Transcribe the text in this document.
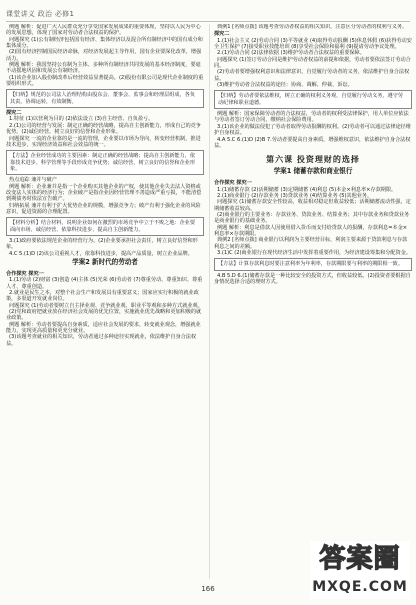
课堂讲义 政治 必修1
例题 解析：促进广大人民群众充分享受国家发展成果的重要体现，坚持以人民为中心的发展思想，体现了国家对劳动者合法权益的保护。
问题探究 (1)公有制经济包括国有经济、集体经济以及混合所有制经济中的国有成分和集体成分。
(2)国有经济控制国民经济命脉，对经济发展起主导作用，国有企业要深化改革，增强活力。
例题 解析：我国坚持公有制为主体、多种所有制经济共同发展的基本经济制度，要毫不动摇地巩固和发展公有制经济。
(1)该企业加入股份制改革后经营效益显著提高。(2)股份有限公司是现代企业制度的重要组织形式。
【归纳】规范的公司法人治理结构由股东会、董事会、监事会和经理层组成，各负其责，协调运转，有效制衡。
探究二
1.特征 (1)以营利为目的 (2)依法设立 (3)自主经营、自负盈亏。
2.(1)公司的经营与发展：制定正确的经营战略，提高自主创新能力，形成自己的竞争优势。(2)诚信经营，树立良好的信誉和企业形象。
问题探究 一流的企业靠的是一流的管理，企业要以市场为导向，转变经营机制，推进技术进步，实现经济效益和社会效益的统一。
【方法】企业经营成功的主要因素：制定正确的经营战略；提高自主创新能力，依靠技术进步、科学管理等手段形成竞争优势；诚信经营，树立良好的信誉和企业形象。
热点追踪 兼并与破产
例题 解析：企业兼并是指一个企业购买其他企业的产权，使其他企业失去法人资格或改变法人实体的经济行为；企业破产是指企业因经营管理不善造成严重亏损，不能清偿到期债务时依法宣告破产。
归纳拓展 兼并有利于扩大优势企业的规模，增强竞争力；破产有利于强化企业的风险意识，促进资源的合理配置。
【材料分析】结合材料，说明企业如何在激烈的市场竞争中立于不败之地：企业要面向市场、诚信经营、依靠科技进步、提高自主创新能力。
3.(1)政府要依法规范企业的经营行为。(2)企业要承担社会责任，树立良好信誉和形象。
4.C 5.(1)D (2)该公司重视人才，依靠科技进步，提高产品质量，树立企业品牌。
学案2 新时代的劳动者
合作探究 探究一
1.(1)劳动 (2)财富 (3)创造 (4)主体 (5)光荣 (6)劳动者 (7)尊重劳动、尊重知识、尊重人才、尊重创造。
2.就业是民生之本，对整个社会生产和发展具有重要意义；国家应实行积极的就业政策，多渠道开发就业岗位。
问题探究 (1)劳动者要树立自主择业观、竞争就业观、职业平等观和多种方式就业观。
(2)党和政府把就业放在经济社会发展的优先位置，实施就业优先战略和更加积极的就业政策。
例题 解析：劳动者要提高自身素质，适应社会发展的要求，转变就业观念，增强就业能力，实现更高质量和更充分就业。
(3)该题考查就业的相关知识，劳动者通过多种途径实现就业，依法维护自身合法权益。
典例1 [名师点拨] 该题考查劳动者权益的相关知识，注意区分劳动者的权利与义务。
探究二
1.(1)社会主义 (2)劳动合同 (3)平等就业 (4)取得劳动报酬 (5)休息休假 (6)获得劳动安全卫生保护 (7)接受职业技能培训 (8)享受社会保险和福利 (9)提请劳动争议处理。
2.(1)劳动合同 (2)法律依据 (3)维护劳动者合法权益的重要保障。
问题探究 (1)签订劳动合同是维护劳动者权益的前提和依据，劳动者要依法签订劳动合同。
(2)劳动者要增强权利意识和法律意识，自觉履行劳动者的义务，依法维护自身合法权益。
(3)维护劳动者合法权益的途径：协商、调解、仲裁、诉讼。
【归纳】劳动者要依法维权，树立正确的权利义务观，自觉履行劳动义务，遵守劳动纪律和职业道德。
例题 解析：国家保障劳动者的合法权益，劳动者的权利受法律保护，用人单位应依法与劳动者签订劳动合同，缴纳社会保险费用。
3.(1)该企业的做法侵犯了劳动者取得劳动报酬的权利。(2)劳动者可以通过法律途径维护自身权益。
4.A 5.C 6.(1)D (2)B 7.劳动者要提高自身素质，增强维权意识，依法维护自身合法权益。
第六课 投资理财的选择
学案1 储蓄存款和商业银行
合作探究 探究一
1.(1)储蓄存款 (2)活期储蓄 (3)定期储蓄 (4)利息 (5)本金×利息率×存款期限。
2.(1)商业银行 (2)存款业务 (3)贷款业务 (4)结算业务 (5)其他业务。
问题探究 (1)储蓄存款安全性较高，收益相对稳定但收益较低；活期储蓄流动性强，定期储蓄收益较高。
(2)商业银行的主要业务：存款业务、贷款业务、结算业务；其中存款业务和贷款业务是商业银行的基础业务。
例题 解析：利息是借款人因使用借入货币而支付给贷款人的报酬，存款利息=本金×利息率×存款期限。
典例2 [名师点拨] 商业银行以利润为主要经营目标，利润主要来源于贷款利息与存款利息之间的差额。
3.(1)C (2)商业银行在现代经济生活中发挥着重要作用，为经济建设筹集和分配资金。
【方法】计算存款利息时要注意利率为年利率，存款期限要与利率的期限相一致。
4.B 5.D 6.(1)储蓄存款是一种比较安全的投资方式，但收益较低。(2)投资者要根据自身情况选择合适的理财方式。
166
答案圈
MXQE.COM
